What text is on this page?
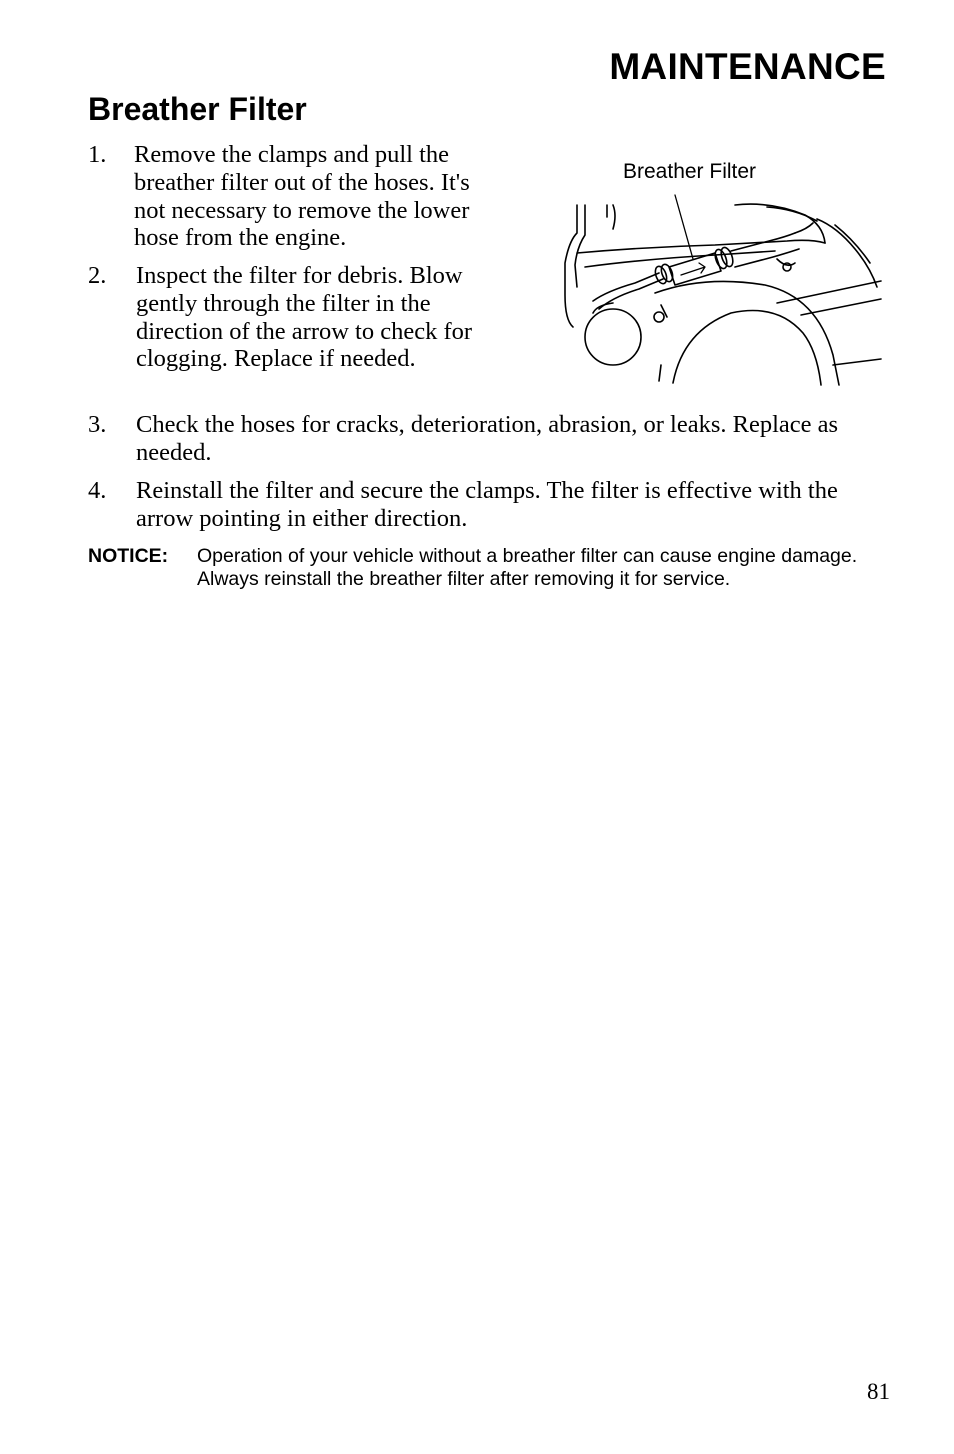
MAINTENANCE
Breather Filter
1. Remove the clamps and pull the breather filter out of the hoses. It's not necessary to remove the lower hose from the engine.
2. Inspect the filter for debris. Blow gently through the filter in the direction of the arrow to check for clogging. Replace if needed.
3. Check the hoses for cracks, deterioration, abrasion, or leaks. Replace as needed.
4. Reinstall the filter and secure the clamps. The filter is effective with the arrow pointing in either direction.
NOTICE: Operation of your vehicle without a breather filter can cause engine damage. Always reinstall the breather filter after removing it for service.
Breather Filter
81
